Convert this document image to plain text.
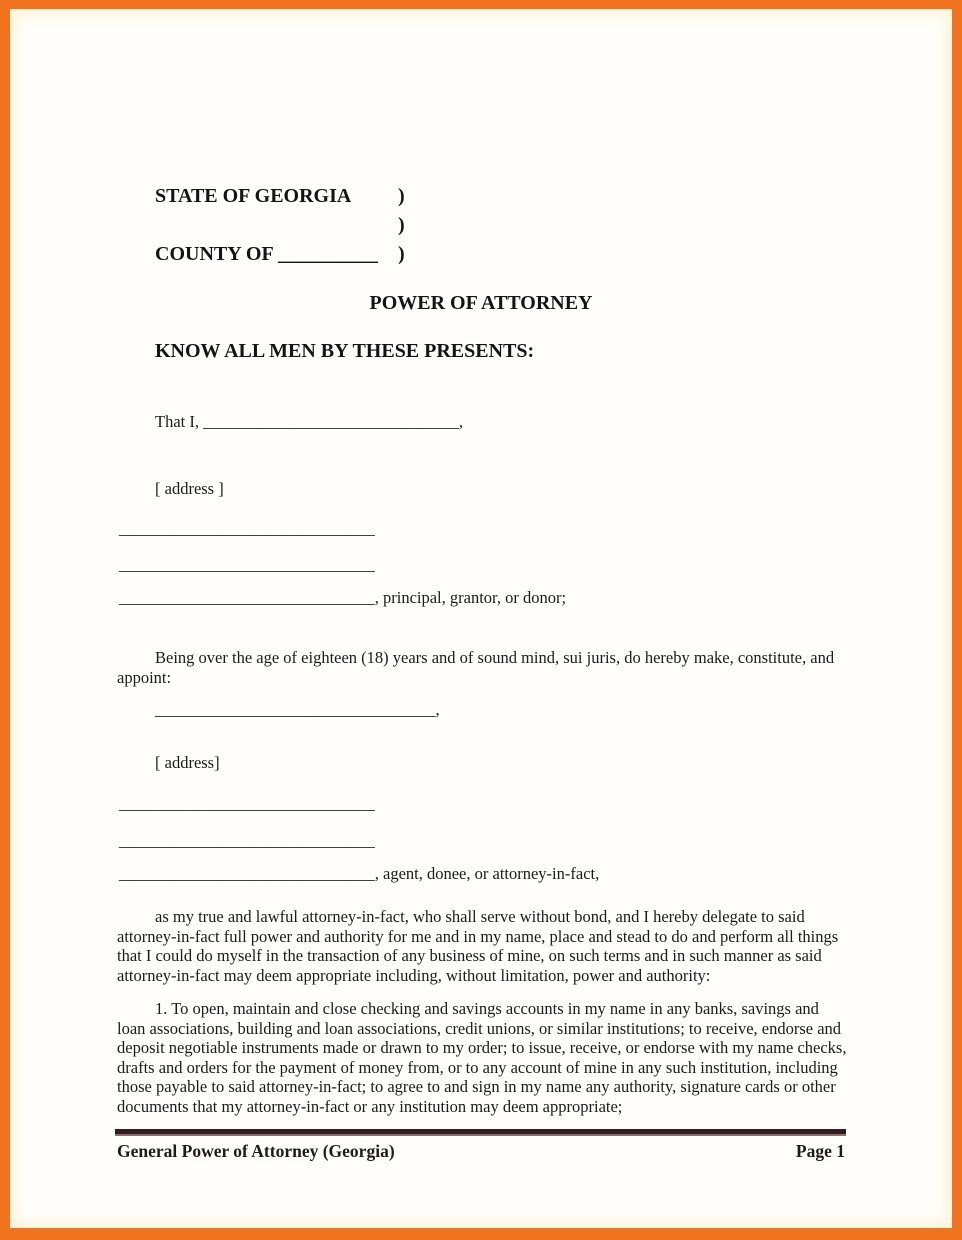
STATE OF GEORGIA	)

)
COUNTY OF __________	)
POWER OF ATTORNEY
KNOW ALL MEN BY THESE PRESENTS:
That I, _______________________________,
[ address ]
_______________________________
_______________________________
_______________________________, principal, grantor, or donor;
Being over the age of eighteen (18) years and of sound mind, sui juris, do hereby make, constitute, and appoint:
__________________________________,
[ address]
_______________________________
_______________________________
_______________________________, agent, donee, or attorney-in-fact,
as my true and lawful attorney-in-fact, who shall serve without bond, and I hereby delegate to said attorney-in-fact full power and authority for me and in my name, place and stead to do and perform all things that I could do myself in the transaction of any business of mine, on such terms and in such manner as said attorney-in-fact may deem appropriate including, without limitation, power and authority:
1. To open, maintain and close checking and savings accounts in my name in any banks, savings and loan associations, building and loan associations, credit unions, or similar institutions; to receive, endorse and deposit negotiable instruments made or drawn to my order; to issue, receive, or endorse with my name checks, drafts and orders for the payment of money from, or to any account of mine in any such institution, including those payable to said attorney-in-fact; to agree to and sign in my name any authority, signature cards or other documents that my attorney-in-fact or any institution may deem appropriate;
General Power of Attorney (Georgia)	Page 1
